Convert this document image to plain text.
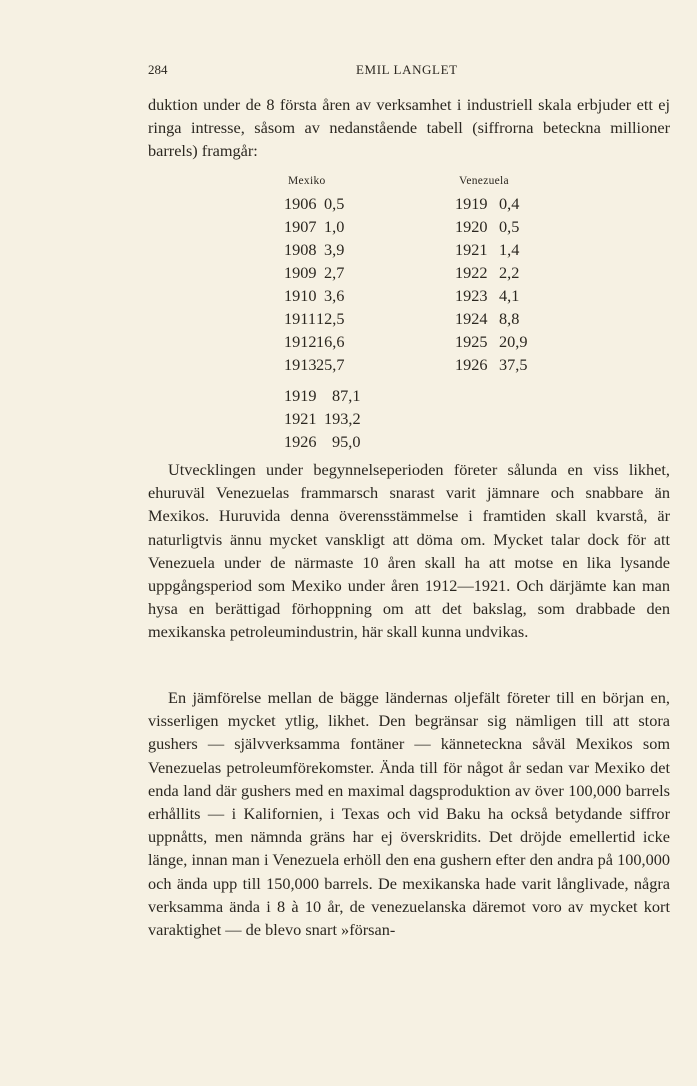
284	EMIL LANGLET

duktion under de 8 första åren av verksamhet i industriell skala erbjuder ett ej ringa intresse, såsom av nedanstående tabell (siffrorna beteckna millioner barrels) framgår:

Mexiko	Venezuela
1906 0,5
1907 1,0
1908 3,9
1909 2,7
1910 3,6
1911 12,5
1912 16,6
1913 25,7
1919 0,4
1920 0,5
1921 1,4
1922 2,2
1923 4,1
1924 8,8
1925 20,9
1926 37,5
1919 87,1
1921 193,2
1926 95,0

Utvecklingen under begynnelseperioden företer sålunda en viss likhet, ehuruväl Venezuelas frammarsch snarast varit jämnare och snabbare än Mexikos. Huruvida denna överensstämmelse i framtiden skall kvarstå, är naturligtvis ännu mycket vanskligt att döma om. Mycket talar dock för att Venezuela under de närmaste 10 åren skall ha att motse en lika lysande uppgångsperiod som Mexiko under åren 1912—1921. Och därjämte kan man hysa en berättigad förhoppning om att det bakslag, som drabbade den mexikanska petroleumindustrin, här skall kunna undvikas.

En jämförelse mellan de bägge ländernas oljefält företer till en början en, visserligen mycket ytlig, likhet. Den begränsar sig nämligen till att stora gushers — självverksamma fontäner — känneteckna såväl Mexikos som Venezuelas petroleumförekomster. Ända till för något år sedan var Mexiko det enda land där gushers med en maximal dagsproduktion av över 100,000 barrels erhållits — i Kalifornien, i Texas och vid Baku ha också betydande siffror uppnåtts, men nämnda gräns har ej överskridits. Det dröjde emellertid icke länge, innan man i Venezuela erhöll den ena gushern efter den andra på 100,000 och ända upp till 150,000 barrels. De mexikanska hade varit långlivade, några verksamma ända i 8 à 10 år, de venezuelanska däremot voro av mycket kort varaktighet — de blevo snart »försan-
